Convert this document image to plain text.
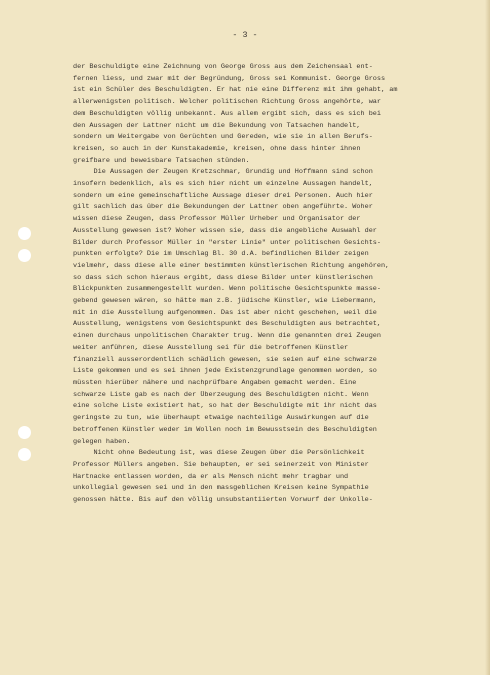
- 3 -
der Beschuldigte eine Zeichnung von George Gross aus dem Zeichensaal ent-
fernen liess, und zwar mit der Begründung, Gross sei Kommunist. George Gross
ist ein Schüler des Beschuldigten. Er hat nie eine Differenz mit ihm gehabt, am
allerwenigsten politisch. Welcher politischen Richtung Gross angehörte, war
dem Beschuldigten völlig unbekannt. Aus allem ergibt sich, dass es sich bei
den Aussagen der Lattner nicht um die Bekundung von Tatsachen handelt,
sondern um Weitergabe von Gerüchten und Gereden, wie sie in allen Berufs-
kreisen, so auch in der Kunstakademie, kreisen, ohne dass hinter ihnen
greifbare und beweisbare Tatsachen stünden.
Die Aussagen der Zeugen Kretzschmar, Grundig und Hoffmann sind schon
insofern bedenklich, als es sich hier nicht um einzelne Aussagen handelt,
sondern um eine gemeinschaftliche Aussage dieser drei Personen. Auch hier
gilt sachlich das über die Bekundungen der Lattner oben angeführte. Woher
wissen diese Zeugen, dass Professor Müller Urheber und Organisator der
Ausstellung gewesen ist? Woher wissen sie, dass die angebliche Auswahl der
Bilder durch Professor Müller in "erster Linie" unter politischen Gesichts-
punkten erfolgte? Die im Umschlag Bl. 30 d.A. befindlichen Bilder zeigen
vielmehr, dass diese alle einer bestimmten künstlerischen Richtung angehören,
so dass sich schon hieraus ergibt, dass diese Bilder unter künstlerischen
Blickpunkten zusammengestellt wurden. Wenn politische Gesichtspunkte masse-
gebend gewesen wären, so hätte man z.B. jüdische Künstler, wie Liebermann,
mit in die Ausstellung aufgenommen. Das ist aber nicht geschehen, weil die
Ausstellung, wenigstens vom Gesichtspunkt des Beschuldigten aus betrachtet,
einen durchaus unpolitischen Charakter trug. Wenn die genannten drei Zeugen
weiter anführen, diese Ausstellung sei für die betroffenen Künstler
finanziell ausserordentlich schädlich gewesen, sie seien auf eine schwarze
Liste gekommen und es sei ihnen jede Existenzgrundlage genommen worden, so
müssten hierüber nähere und nachprüfbare Angaben gemacht werden. Eine
schwarze Liste gab es nach der Überzeugung des Beschuldigten nicht. Wenn
eine solche Liste existiert hat, so hat der Beschuldigte mit ihr nicht das
geringste zu tun, wie überhaupt etwaige nachteilige Auswirkungen auf die
betroffenen Künstler weder im Wollen noch im Bewusstsein des Beschuldigten
gelegen haben.
Nicht ohne Bedeutung ist, was diese Zeugen über die Persönlichkeit
Professor Müllers angeben. Sie behaupten, er sei seinerzeit von Minister
Hartnacke entlassen worden, da er als Mensch nicht mehr tragbar und
unkollegial gewesen sei und in den massgeblichen Kreisen keine Sympathie
genossen hätte. Bis auf den völlig unsubstantiierten Vorwurf der Unkolle-
